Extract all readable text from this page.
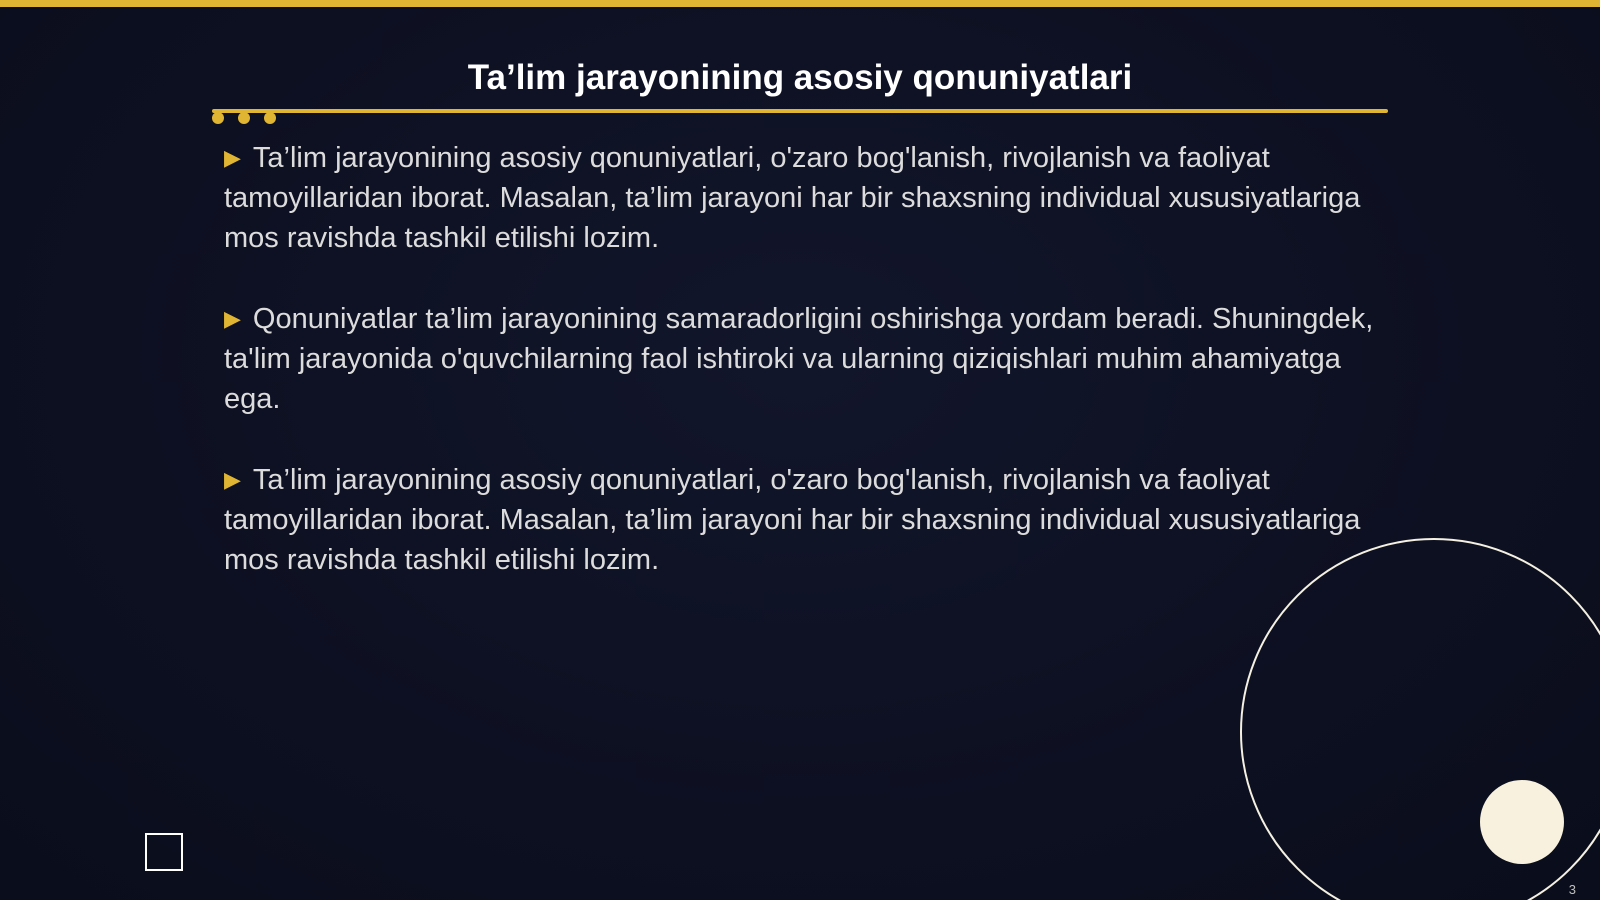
Ta’lim jarayonining asosiy qonuniyatlari

▶ Ta’lim jarayonining asosiy qonuniyatlari, o'zaro bog'lanish, rivojlanish va faoliyat tamoyillaridan iborat. Masalan, ta’lim jarayoni har bir shaxsning individual xususiyatlariga mos ravishda tashkil etilishi lozim.

▶ Qonuniyatlar ta’lim jarayonining samaradorligini oshirishga yordam beradi. Shuningdek, ta'lim jarayonida o'quvchilarning faol ishtiroki va ularning qiziqishlari muhim ahamiyatga ega.

▶ Ta’lim jarayonining asosiy qonuniyatlari, o'zaro bog'lanish, rivojlanish va faoliyat tamoyillaridan iborat. Masalan, ta’lim jarayoni har bir shaxsning individual xususiyatlariga mos ravishda tashkil etilishi lozim.

3
